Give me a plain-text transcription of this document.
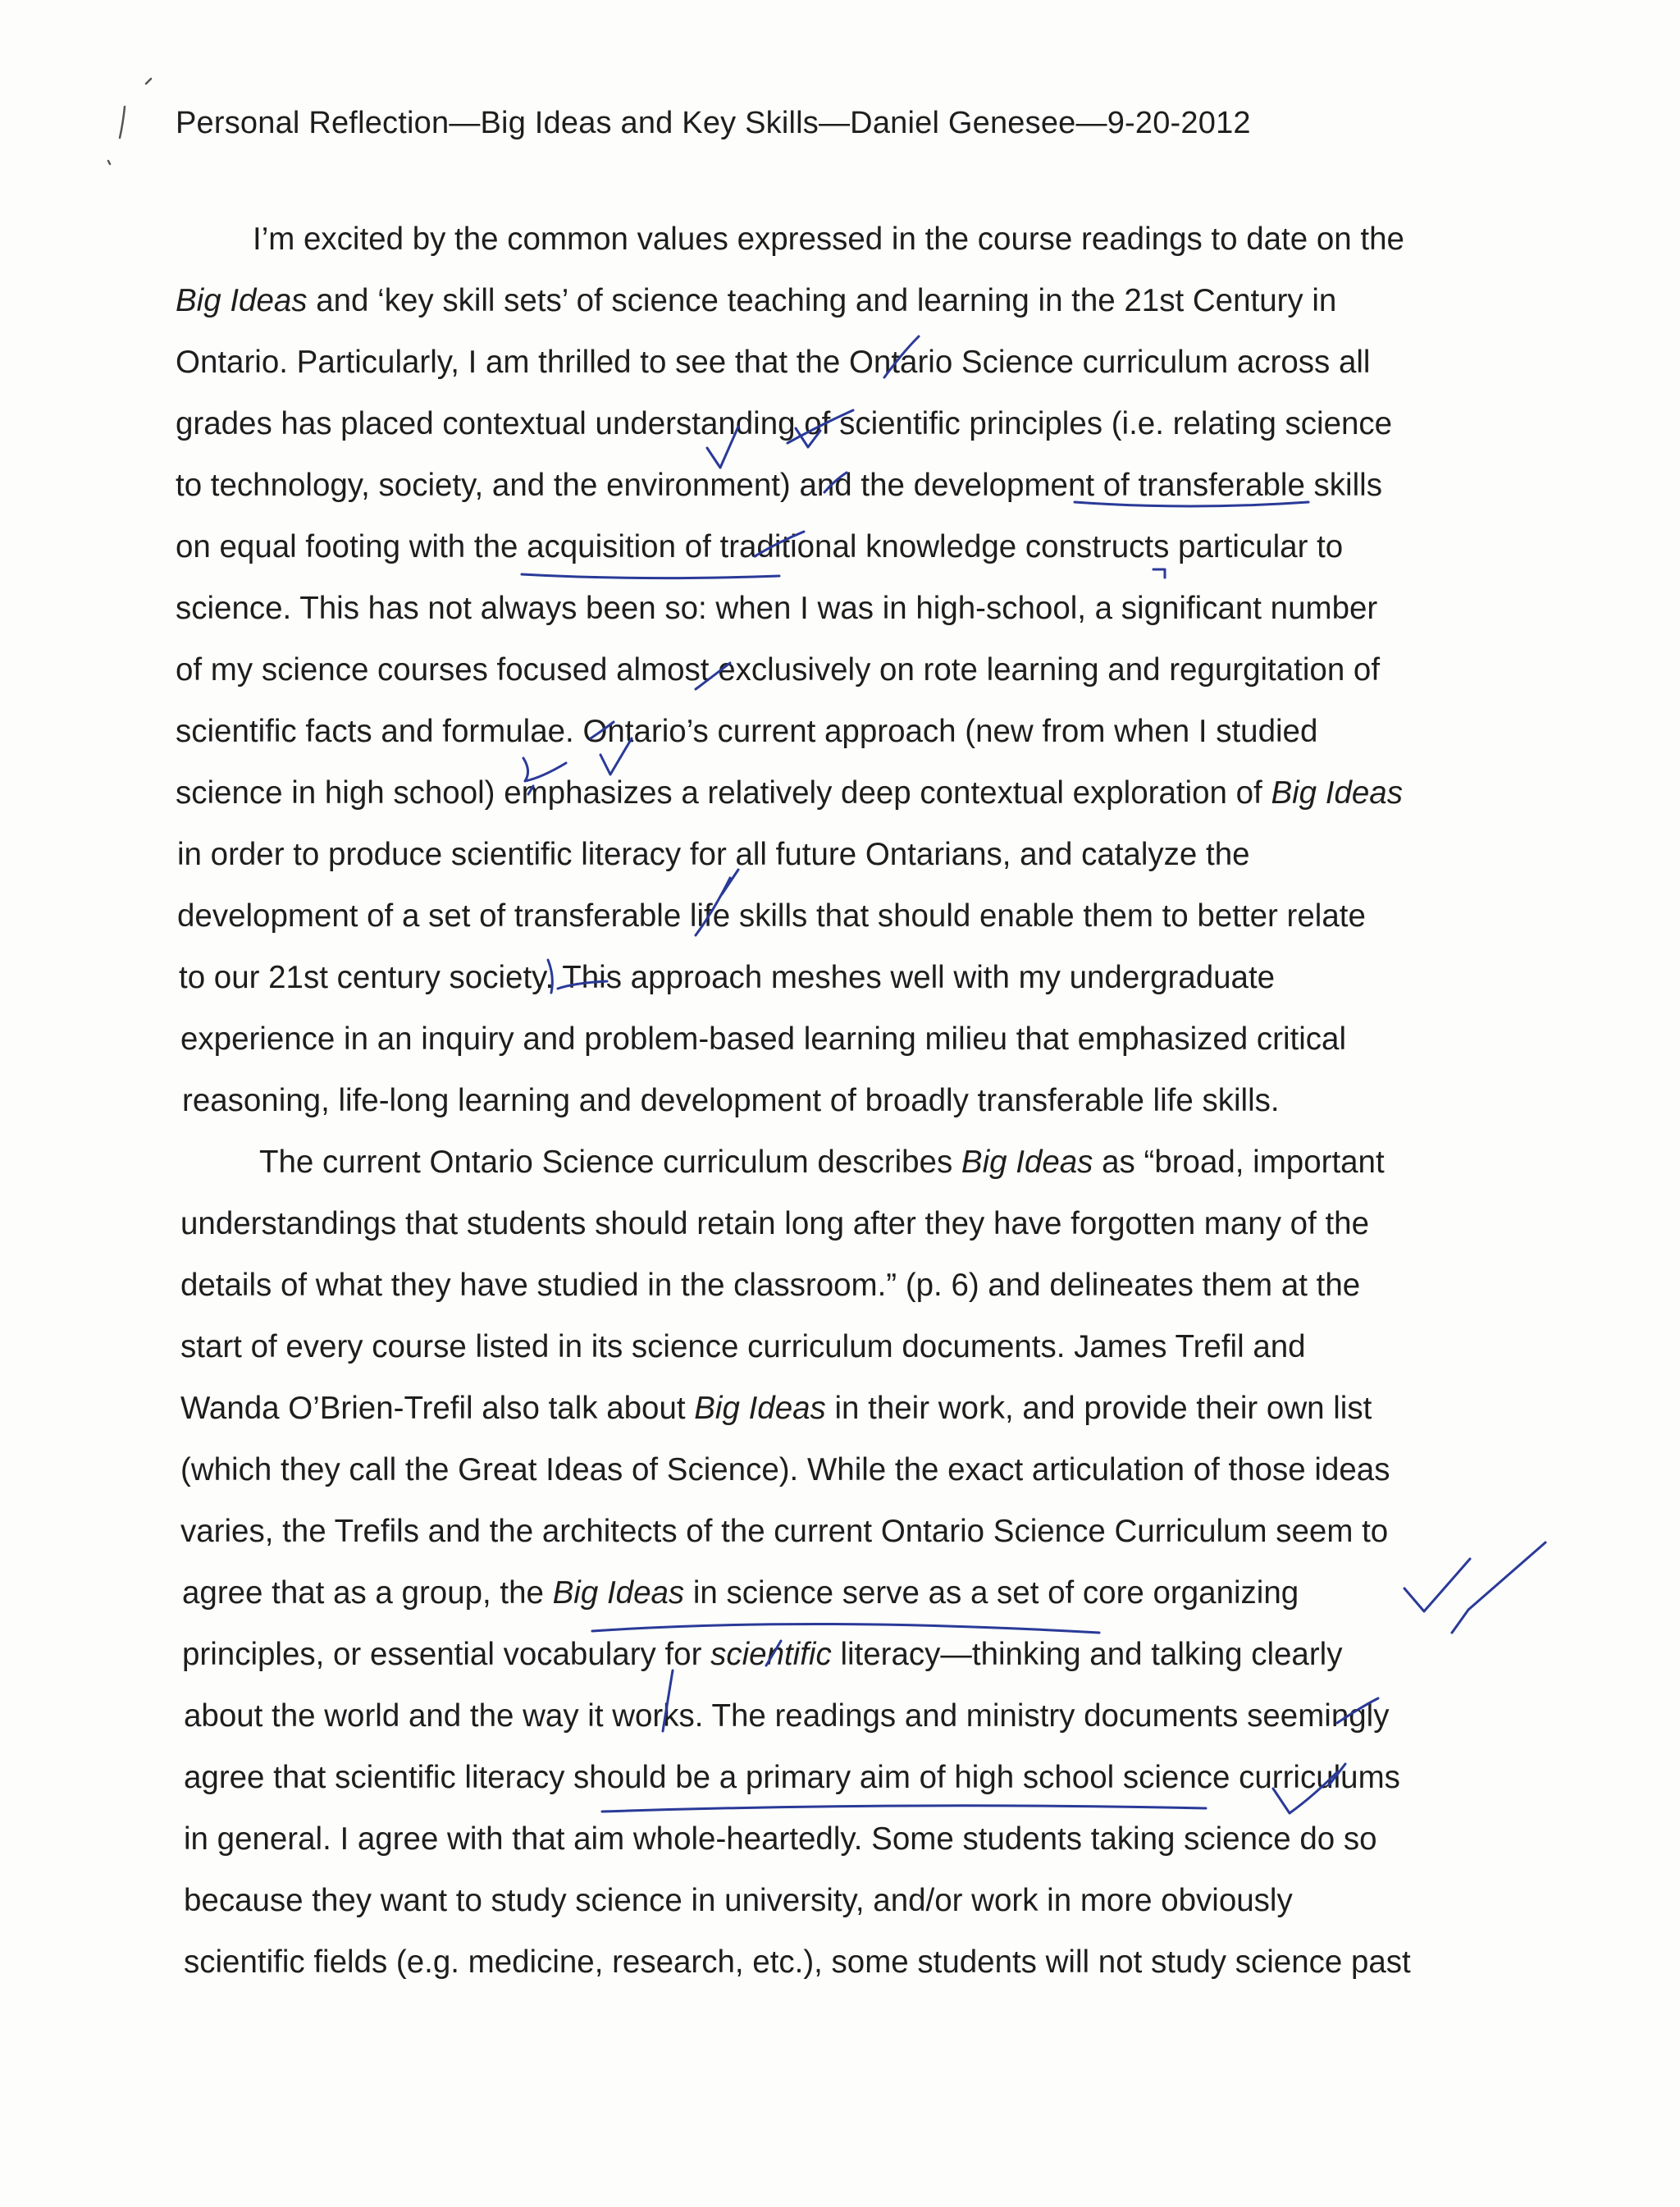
Personal Reflection—Big Ideas and Key Skills—Daniel Genesee—9-20-2012
I’m excited by the common values expressed in the course readings to date on the
Big Ideas and ‘key skill sets’ of science teaching and learning in the 21st Century in
Ontario. Particularly, I am thrilled to see that the Ontario Science curriculum across all
grades has placed contextual understanding of scientific principles (i.e. relating science
to technology, society, and the environment) and the development of transferable skills
on equal footing with the acquisition of traditional knowledge constructs particular to
science. This has not always been so: when I was in high-school, a significant number
of my science courses focused almost exclusively on rote learning and regurgitation of
scientific facts and formulae. Ontario’s current approach (new from when I studied
science in high school) emphasizes a relatively deep contextual exploration of Big Ideas
in order to produce scientific literacy for all future Ontarians, and catalyze the
development of a set of transferable life skills that should enable them to better relate
to our 21st century society. This approach meshes well with my undergraduate
experience in an inquiry and problem-based learning milieu that emphasized critical
reasoning, life-long learning and development of broadly transferable life skills.
The current Ontario Science curriculum describes Big Ideas as “broad, important
understandings that students should retain long after they have forgotten many of the
details of what they have studied in the classroom.” (p. 6) and delineates them at the
start of every course listed in its science curriculum documents. James Trefil and
Wanda O’Brien-Trefil also talk about Big Ideas in their work, and provide their own list
(which they call the Great Ideas of Science). While the exact articulation of those ideas
varies, the Trefils and the architects of the current Ontario Science Curriculum seem to
agree that as a group, the Big Ideas in science serve as a set of core organizing
principles, or essential vocabulary for scientific literacy—thinking and talking clearly
about the world and the way it works. The readings and ministry documents seemingly
agree that scientific literacy should be a primary aim of high school science curriculums
in general. I agree with that aim whole-heartedly. Some students taking science do so
because they want to study science in university, and/or work in more obviously
scientific fields (e.g. medicine, research, etc.), some students will not study science past
